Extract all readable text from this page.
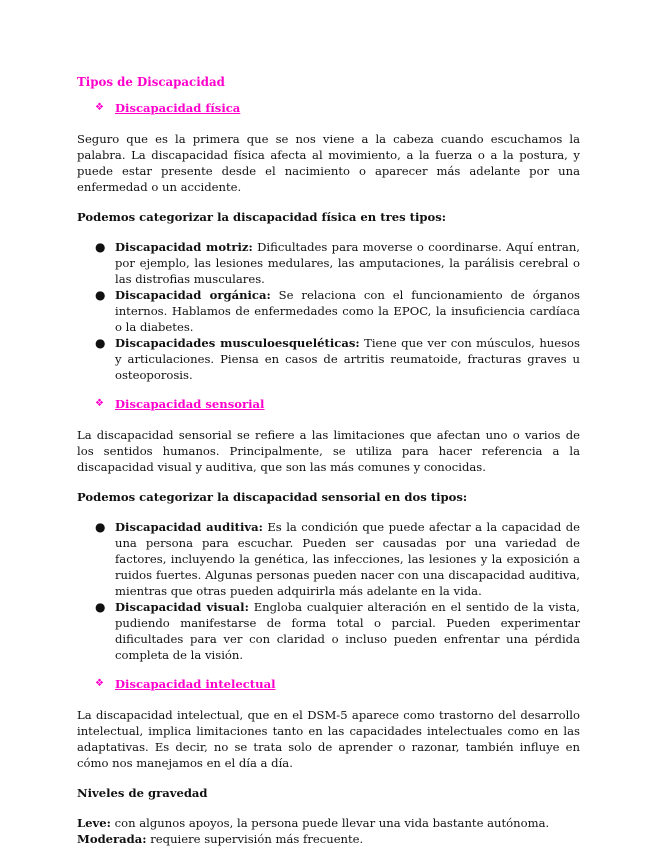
Tipos de Discapacidad
❖ Discapacidad física

Seguro que es la primera que se nos viene a la cabeza cuando escuchamos la palabra. La discapacidad física afecta al movimiento, a la fuerza o a la postura, y puede estar presente desde el nacimiento o aparecer más adelante por una enfermedad o un accidente.

Podemos categorizar la discapacidad física en tres tipos:

● Discapacidad motriz: Dificultades para moverse o coordinarse. Aquí entran, por ejemplo, las lesiones medulares, las amputaciones, la parálisis cerebral o las distrofias musculares.
● Discapacidad orgánica: Se relaciona con el funcionamiento de órganos internos. Hablamos de enfermedades como la EPOC, la insuficiencia cardíaca o la diabetes.
● Discapacidades musculoesqueléticas: Tiene que ver con músculos, huesos y articulaciones. Piensa en casos de artritis reumatoide, fracturas graves u osteoporosis.
❖ Discapacidad sensorial

La discapacidad sensorial se refiere a las limitaciones que afectan uno o varios de los sentidos humanos. Principalmente, se utiliza para hacer referencia a la discapacidad visual y auditiva, que son las más comunes y conocidas.

Podemos categorizar la discapacidad sensorial en dos tipos:

● Discapacidad auditiva: Es la condición que puede afectar a la capacidad de una persona para escuchar. Pueden ser causadas por una variedad de factores, incluyendo la genética, las infecciones, las lesiones y la exposición a ruidos fuertes. Algunas personas pueden nacer con una discapacidad auditiva, mientras que otras pueden adquirirla más adelante en la vida.
● Discapacidad visual: Engloba cualquier alteración en el sentido de la vista, pudiendo manifestarse de forma total o parcial. Pueden experimentar dificultades para ver con claridad o incluso pueden enfrentar una pérdida completa de la visión.
❖ Discapacidad intelectual

La discapacidad intelectual, que en el DSM-5 aparece como trastorno del desarrollo intelectual, implica limitaciones tanto en las capacidades intelectuales como en las adaptativas. Es decir, no se trata solo de aprender o razonar, también influye en cómo nos manejamos en el día a día.

Niveles de gravedad

Leve: con algunos apoyos, la persona puede llevar una vida bastante autónoma.

Moderada: requiere supervisión más frecuente.
